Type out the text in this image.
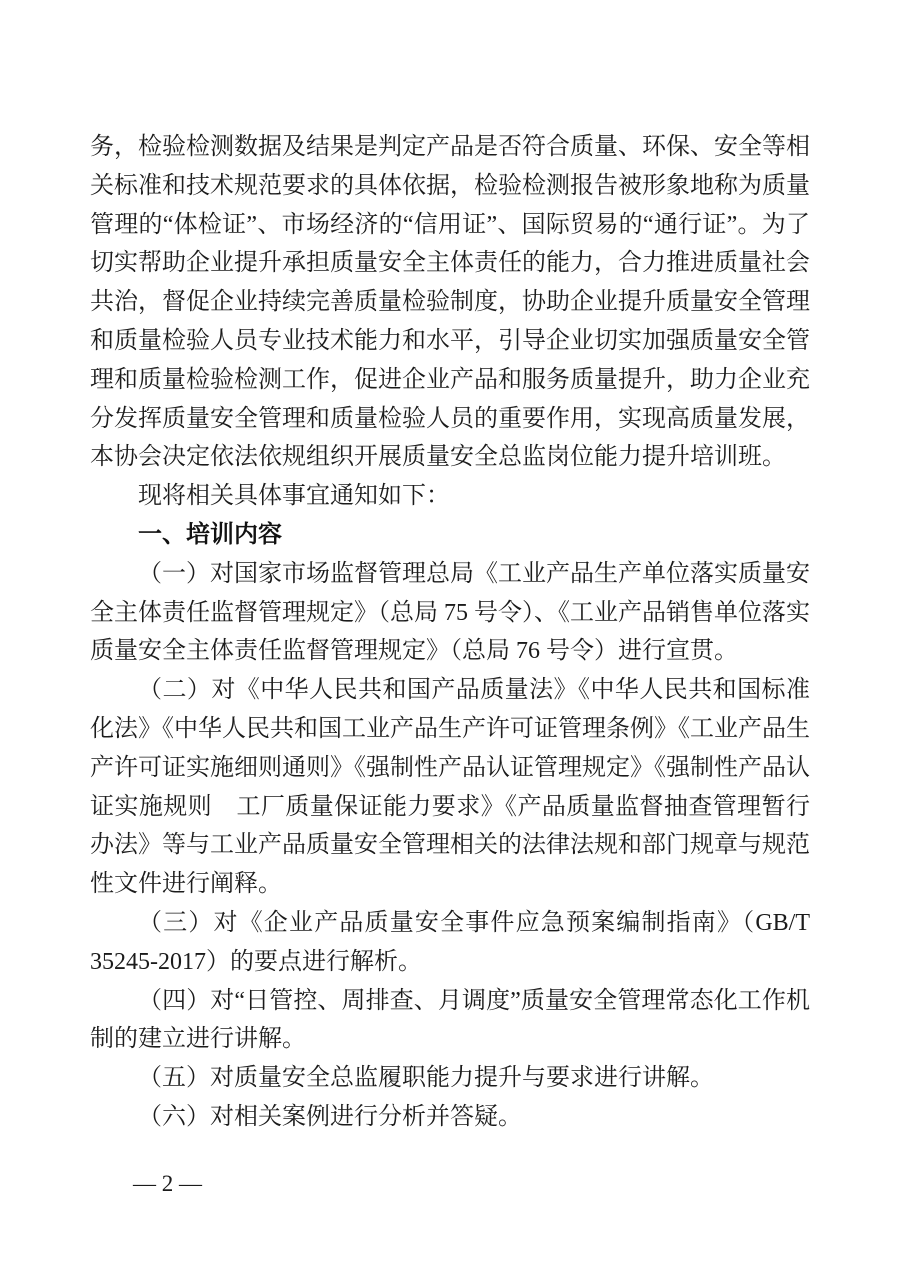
务，检验检测数据及结果是判定产品是否符合质量、环保、安全等相关标准和技术规范要求的具体依据，检验检测报告被形象地称为质量管理的“体检证”、市场经济的“信用证”、国际贸易的“通行证”。为了切实帮助企业提升承担质量安全主体责任的能力，合力推进质量社会共治，督促企业持续完善质量检验制度，协助企业提升质量安全管理和质量检验人员专业技术能力和水平，引导企业切实加强质量安全管理和质量检验检测工作，促进企业产品和服务质量提升，助力企业充分发挥质量安全管理和质量检验人员的重要作用，实现高质量发展，本协会决定依法依规组织开展质量安全总监岗位能力提升培训班。

现将相关具体事宜通知如下：

一、培训内容

（一）对国家市场监督管理总局《工业产品生产单位落实质量安全主体责任监督管理规定》（总局 75 号令）、《工业产品销售单位落实质量安全主体责任监督管理规定》（总局 76 号令）进行宣贯。

（二）对《中华人民共和国产品质量法》《中华人民共和国标准化法》《中华人民共和国工业产品生产许可证管理条例》《工业产品生产许可证实施细则通则》《强制性产品认证管理规定》《强制性产品认证实施规则　工厂质量保证能力要求》《产品质量监督抽查管理暂行办法》等与工业产品质量安全管理相关的法律法规和部门规章与规范性文件进行阐释。

（三）对《企业产品质量安全事件应急预案编制指南》（GB/T 35245-2017）的要点进行解析。

（四）对“日管控、周排查、月调度”质量安全管理常态化工作机制的建立进行讲解。

（五）对质量安全总监履职能力提升与要求进行讲解。

（六）对相关案例进行分析并答疑。

— 2 —
